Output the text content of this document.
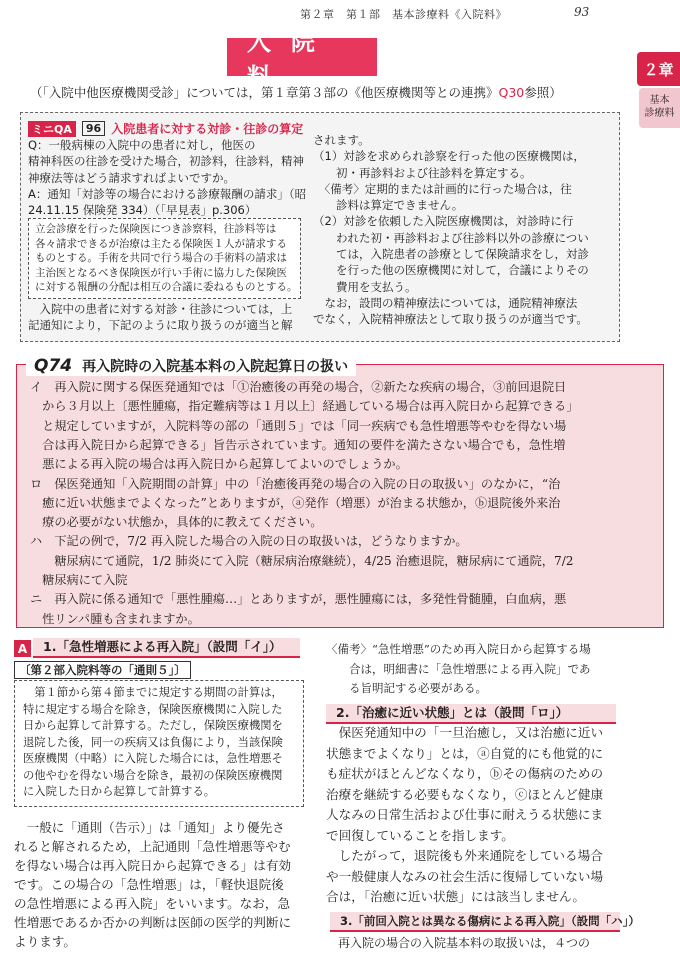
第２章　第１部　基本診療料《入院料》	93
２章
基本
診療料
入院料
（「入院中他医療機関受診」については，第１章第３部の《他医療機関等との連携》Q30参照）
ミニQA	96 入院患者に対する対診・往診の算定
Q：一般病棟の入院中の患者に対し，他医の
精神科医の往診を受けた場合，初診料，往診料，精神
神療法等はどう請求すればよいですか。
A：通知「対診等の場合における診療報酬の請求」（昭
24.11.15 保険発 334）（「早見表」p.306）
立会診療を行った保険医につき診察料，往診料等は
各々請求できるが治療は主たる保険医１人が請求する
ものとする。手術を共同で行う場合の手術料の請求は
主治医となるべき保険医が行い手術に協力した保険医
に対する報酬の分配は相互の合議に委ねるものとする。
　入院中の患者に対する対診・往診については，上
記通知により，下記のように取り扱うのが適当と解
されます。
（1）対診を求められ診察を行った他の医療機関は，
　　初・再診料および往診料を算定する。
　〈備考〉定期的または計画的に行った場合は，往
　　診料は算定できません。
（2）対診を依頼した入院医療機関は，対診時に行
　　われた初・再診料および往診料以外の診療につい
　　ては，入院患者の診療として保険請求をし，対診
　　を行った他の医療機関に対して，合議によりその
　　費用を支払う。
　なお，設問の精神療法については，通院精神療法
でなく，入院精神療法として取り扱うのが適当です。
Q74 再入院時の入院基本料の入院起算日の扱い
イ　再入院に関する保医発通知では「①治癒後の再発の場合，②新たな疾病の場合，③前回退院日
　から３月以上〔悪性腫瘍，指定難病等は１月以上〕経過している場合は再入院日から起算できる」
　と規定していますが，入院料等の部の「通則５」では「同一疾病でも急性増悪等やむを得ない場
　合は再入院日から起算できる」旨告示されています。通知の要件を満たさない場合でも，急性増
　悪による再入院の場合は再入院日から起算してよいのでしょうか。
ロ　保医発通知「入院期間の計算」中の「治癒後再発の場合の入院の日の取扱い」のなかに，“治
　癒に近い状態までよくなった”とありますが，ⓐ発作（増悪）が治まる状態か，ⓑ退院後外来治
　療の必要がない状態か，具体的に教えてください。
ハ　下記の例で，7/2 再入院した場合の入院の日の取扱いは，どうなりますか。
　　糖尿病にて通院，1/2 肺炎にて入院（糖尿病治療継続），4/25 治癒退院，糖尿病にて通院，7/2
　糖尿病にて入院
A	1.「急性増悪による再入院」（設問「イ」）
〔第２部入院料等の「通則５」〕
　第１節から第４節までに規定する期間の計算は，
特に規定する場合を除き，保険医療機関に入院した
日から起算して計算する。ただし，保険医療機関を
退院した後，同一の疾病又は負傷により，当該保険
医療機関（中略）に入院した場合には，急性増悪そ
の他やむを得ない場合を除き，最初の保険医療機関
に入院した日から起算して計算する。
　一般に「通則（告示）」は「通知」より優先さ
れると解されるため，上記通則「急性増悪等やむ
を得ない場合は再入院日から起算できる」は有効
です。この場合の「急性増悪」は，「軽快退院後
の急性増悪による再入院」をいいます。なお，急
〈備考〉“急性増悪”のため再入院日から起算する場
　　合は，明細書に「急性増悪による再入院」であ
　　る旨明記する必要がある。
2.「治癒に近い状態」とは（設問「ロ」）
　保医発通知中の「一旦治癒し，又は治癒に近い
状態までよくなり」とは，ⓐ自覚的にも他覚的に
も症状がほとんどなくなり，ⓑその傷病のための
治療を継続する必要もなくなり，ⓒほとんど健康
人なみの日常生活および仕事に耐えうる状態にま
で回復していることを指します。
　したがって，退院後も外来通院をしている場合
3.「前回入院とは異なる傷病による再入院」（設問「ハ」）
　再入院の場合の入院基本料の取扱いは，４つの
ニ　再入院に係る通知で「悪性腫瘍…」とありますが，悪性腫瘍には，多発性骨髄腫，白血病，悪
　性リンパ腫も含まれますか。
性増悪であるか否かの判断は医師の医学的判断に
よります。
や一般健康人なみの社会生活に復帰していない場
合は，「治癒に近い状態」には該当しません。
